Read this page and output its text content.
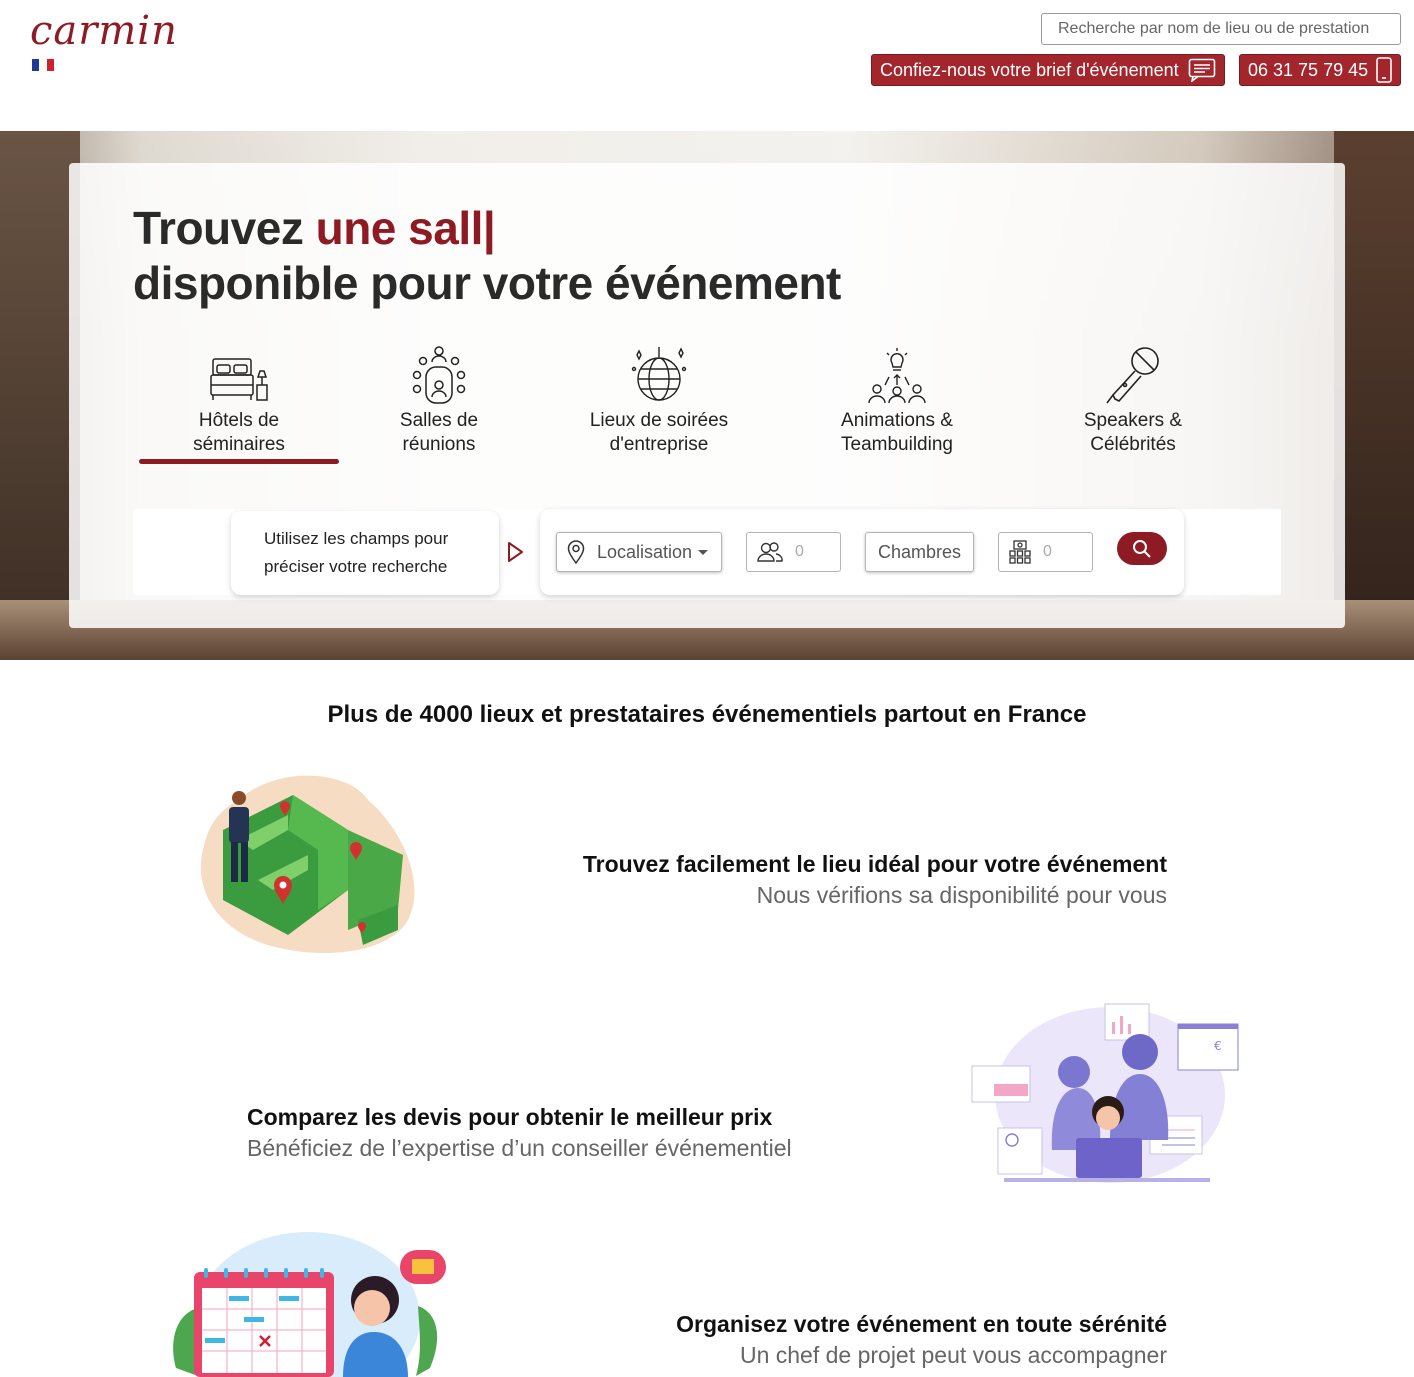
carmin
Recherche par nom de lieu ou de prestation
Confiez-nous votre brief d'événement	06 31 75 79 45
Trouvez une sall|
disponible pour votre événement
Hôtels de
séminaires
Salles de
réunions
Lieux de soirées
d'entreprise
Animations &
Teambuilding
Speakers &
Célébrités
Utilisez les champs pour
préciser votre recherche
Localisation	0	Chambres	0
Plus de 4000 lieux et prestataires événementiels partout en France
Trouvez facilement le lieu idéal pour votre événement
Nous vérifions sa disponibilité pour vous
€
Comparez les devis pour obtenir le meilleur prix
Bénéficiez de l’expertise d’un conseiller événementiel
Organisez votre événement en toute sérénité
Un chef de projet peut vous accompagner
